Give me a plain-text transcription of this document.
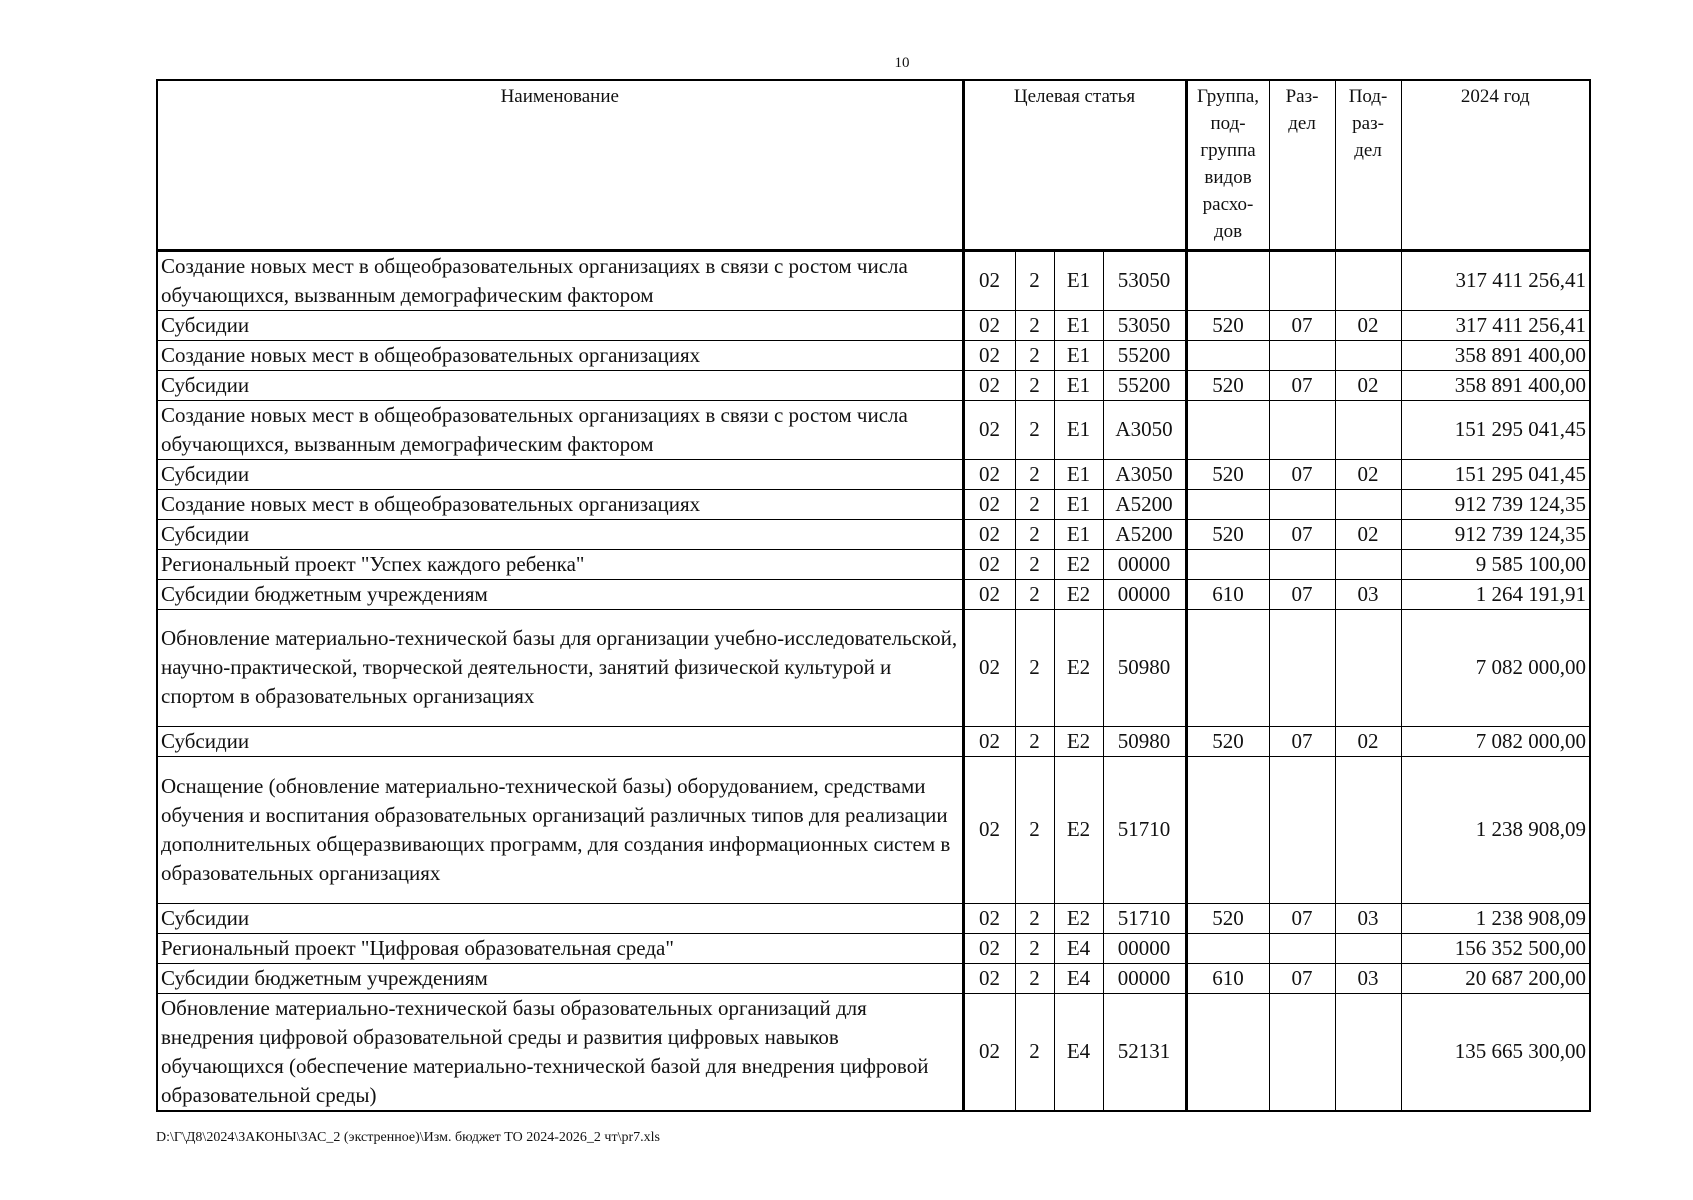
10
Наименование	Целевая статья				Группа, под-группа видов расхо-дов	Раз-дел	Под-раз-дел	2024 год
Создание новых мест в общеобразовательных организациях в связи с ростом числа обучающихся, вызванным демографическим фактором	02	2	Е1	53050				317 411 256,41
Субсидии	02	2	Е1	53050	520	07	02	317 411 256,41
Создание новых мест в общеобразовательных организациях	02	2	Е1	55200				358 891 400,00
Субсидии	02	2	Е1	55200	520	07	02	358 891 400,00
Создание новых мест в общеобразовательных организациях в связи с ростом числа обучающихся, вызванным демографическим фактором	02	2	Е1	А3050				151 295 041,45
Субсидии	02	2	Е1	А3050	520	07	02	151 295 041,45
Создание новых мест в общеобразовательных организациях	02	2	Е1	А5200				912 739 124,35
Субсидии	02	2	Е1	А5200	520	07	02	912 739 124,35
Региональный проект "Успех каждого ребенка"	02	2	Е2	00000				9 585 100,00
Субсидии бюджетным учреждениям	02	2	Е2	00000	610	07	03	1 264 191,91
Обновление материально-технической базы для организации учебно-исследовательской, научно-практической, творческой деятельности, занятий физической культурой и спортом в образовательных организациях	02	2	Е2	50980				7 082 000,00
Субсидии	02	2	Е2	50980	520	07	02	7 082 000,00
Оснащение (обновление материально-технической базы) оборудованием, средствами обучения и воспитания образовательных организаций различных типов для реализации дополнительных общеразвивающих программ, для создания информационных систем в образовательных организациях	02	2	Е2	51710				1 238 908,09
Субсидии	02	2	Е2	51710	520	07	03	1 238 908,09
Региональный проект "Цифровая образовательная среда"	02	2	Е4	00000				156 352 500,00
Субсидии бюджетным учреждениям	02	2	Е4	00000	610	07	03	20 687 200,00
Обновление материально-технической базы образовательных организаций для внедрения цифровой образовательной среды и развития цифровых навыков обучающихся (обеспечение материально-технической базой для внедрения цифровой образовательной среды)	02	2	Е4	52131				135 665 300,00
D:\Г\Д8\2024\ЗАКОНЫ\ЗАС_2 (экстренное)\Изм. бюджет ТО 2024-2026_2 чт\pr7.xls
